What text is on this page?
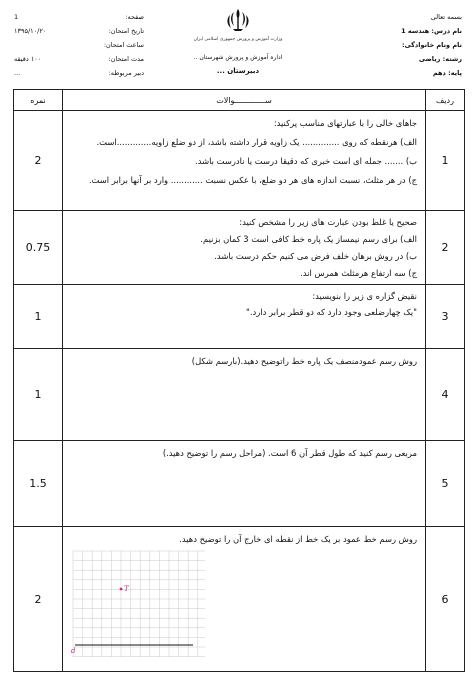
بسمه تعالی
نام درس: هندسه 1
نام ونام خانوادگی:
رشته: ریاضی
پایه: دهم
وزارت آموزش و پرورش جمهوری اسلامی ایران
اداره آموزش و پرورش شهرستان ..
دبیرستان ...
صفحه:
1
تاریخ امتحان:
۱۳۹۵/۱۰/۲۰
ساعت امتحان:
مدت امتحان:
۱۰۰ دقیقه
دبیر مربوطه:
...
ردیف	ســـــــــــــوالات	نمره
1	جاهای خالی را با عبارتهای مناسب پرکنید:
الف) هرنقطه که روی .............. یک زاویه قرار داشته باشد، از دو ضلع زاویه.............است.
ب) ....... جمله ای است خبری که دقیقا درست یا نادرست باشد.
ج) در هر مثلث، نسبت اندازه های هر دو ضلع، با عکس نسبت ............ وارد بر آنها برابر است.	2
2	صحیح یا غلط بودن عبارت های زیر را مشخص کنید:
الف) برای رسم نیمساز یک پاره خط کافی است 3 کمان بزنیم.
ب) در روش برهان خلف فرض می کنیم حکم درست باشد.
ج) سه ارتفاع هرمثلث همرس اند.	0.75
3	نقیض گزاره ی زیر را بنویسید:
"یک چهارضلعی وجود دارد که دو قطر برابر دارد."	1
4	روش رسم عمودمنصف یک پاره خط راتوضیح دهید.(بارسم شکل)	1
5	مربعی رسم کنید که طول قطر آن 6 است. (مراحل رسم را توضیح دهید.)	1.5
6	روش رسم خط عمود بر یک خط از نقطه ای خارج آن را توضیح دهید.
T
d	2
